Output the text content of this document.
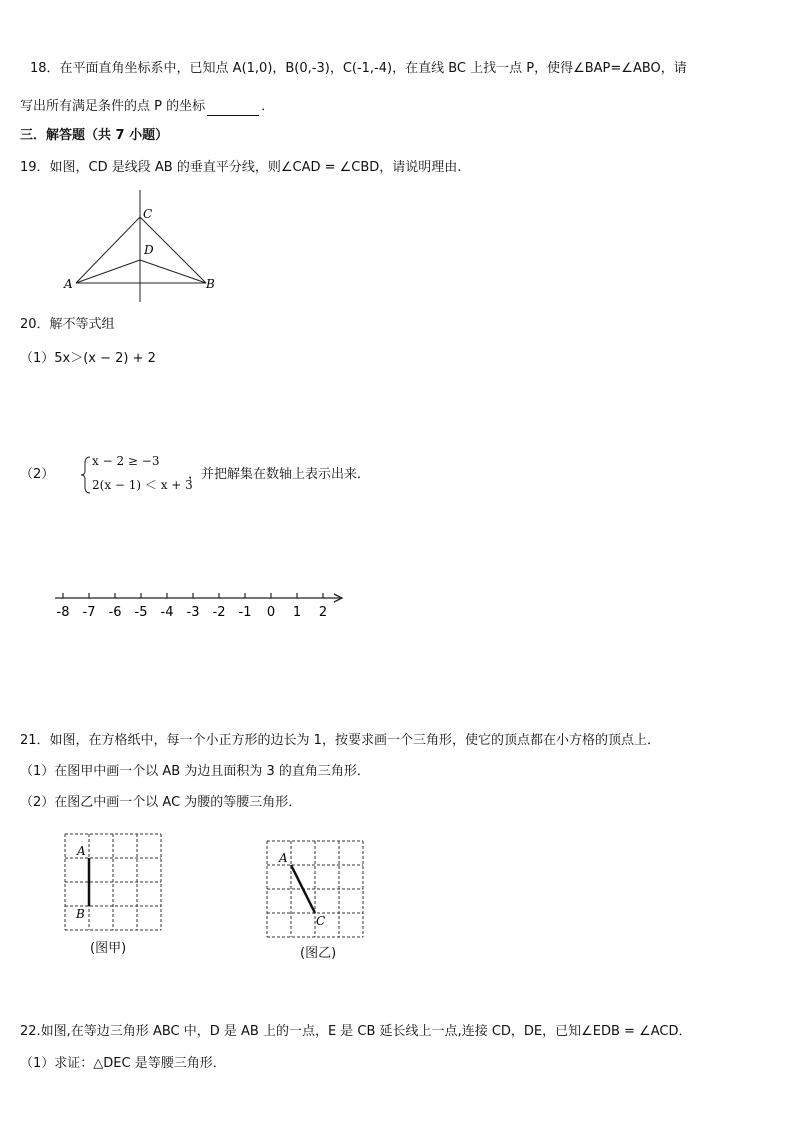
18．在平面直角坐标系中，已知点 A(1,0)，B(0,-3)，C(-1,-4)，在直线 BC 上找一点 P，使得∠BAP=∠ABO，请
写出所有满足条件的点 P 的坐标	．
三．解答题（共 7 小题）
19．如图，CD 是线段 AB 的垂直平分线，则∠CAD = ∠CBD，请说明理由.
C
D
A	B
20．解不等式组
（1）5x＞(x − 2) + 2
（2）
x − 2 ≥ −3
2(x − 1) ＜ x + 3
，并把解集在数轴上表示出来．
-8 -7 -6 -5 -4 -3 -2 -1 0 1 2
21．如图，在方格纸中，每一个小正方形的边长为 1，按要求画一个三角形，使它的顶点都在小方格的顶点上．
（1）在图甲中画一个以 AB 为边且面积为 3 的直角三角形．
（2）在图乙中画一个以 AC 为腰的等腰三角形．
A
B
(图甲)
A
C
(图乙)
22.如图,在等边三角形 ABC 中，D 是 AB 上的一点，E 是 CB 延长线上一点,连接 CD，DE，已知∠EDB = ∠ACD．
（1）求证：△DEC 是等腰三角形．
